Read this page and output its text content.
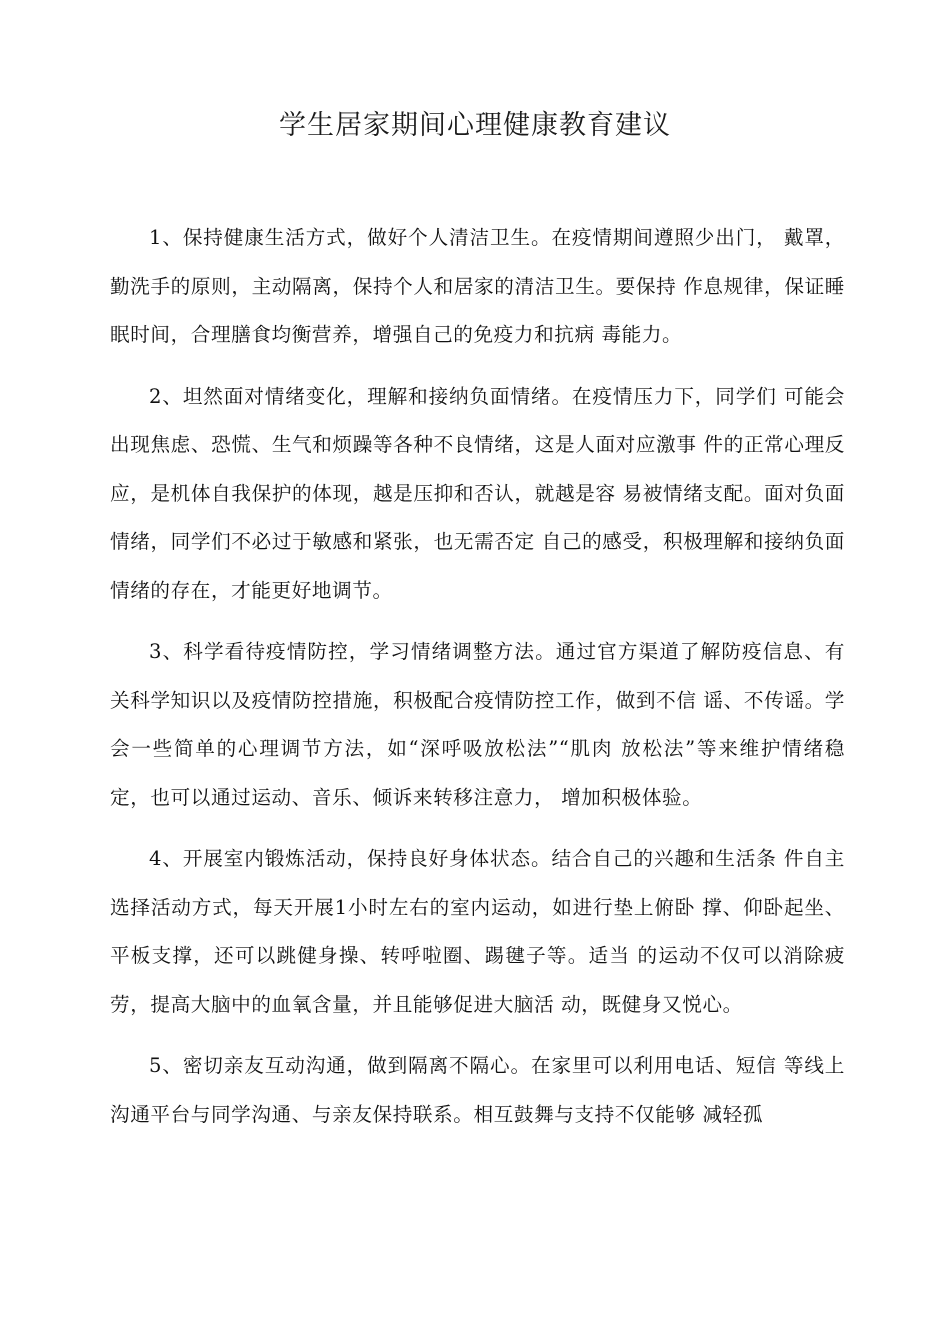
学生居家期间心理健康教育建议

1、保持健康生活方式，做好个人清洁卫生。在疫情期间遵照少出门， 戴罩，勤洗手的原则，主动隔离，保持个人和居家的清洁卫生。要保持 作息规律，保证睡眠时间，合理膳食均衡营养，增强自己的免疫力和抗病 毒能力。

2、坦然面对情绪变化，理解和接纳负面情绪。在疫情压力下，同学们 可能会出现焦虑、恐慌、生气和烦躁等各种不良情绪，这是人面对应激事 件的正常心理反应，是机体自我保护的体现，越是压抑和否认，就越是容 易被情绪支配。面对负面情绪，同学们不必过于敏感和紧张，也无需否定 自己的感受，积极理解和接纳负面情绪的存在，才能更好地调节。

3、科学看待疫情防控，学习情绪调整方法。通过官方渠道了解防疫信息、有关科学知识以及疫情防控措施，积极配合疫情防控工作，做到不信 谣、不传谣。学会一些简单的心理调节方法，如“深呼吸放松法”“肌肉 放松法”等来维护情绪稳定，也可以通过运动、音乐、倾诉来转移注意力， 增加积极体验。

4、开展室内锻炼活动，保持良好身体状态。结合自己的兴趣和生活条 件自主选择活动方式，每天开展1小时左右的室内运动，如进行垫上俯卧 撑、仰卧起坐、平板支撑，还可以跳健身操、转呼啦圈、踢毽子等。适当 的运动不仅可以消除疲劳，提高大脑中的血氧含量，并且能够促进大脑活 动，既健身又悦心。

5、密切亲友互动沟通，做到隔离不隔心。在家里可以利用电话、短信 等线上沟通平台与同学沟通、与亲友保持联系。相互鼓舞与支持不仅能够 减轻孤
